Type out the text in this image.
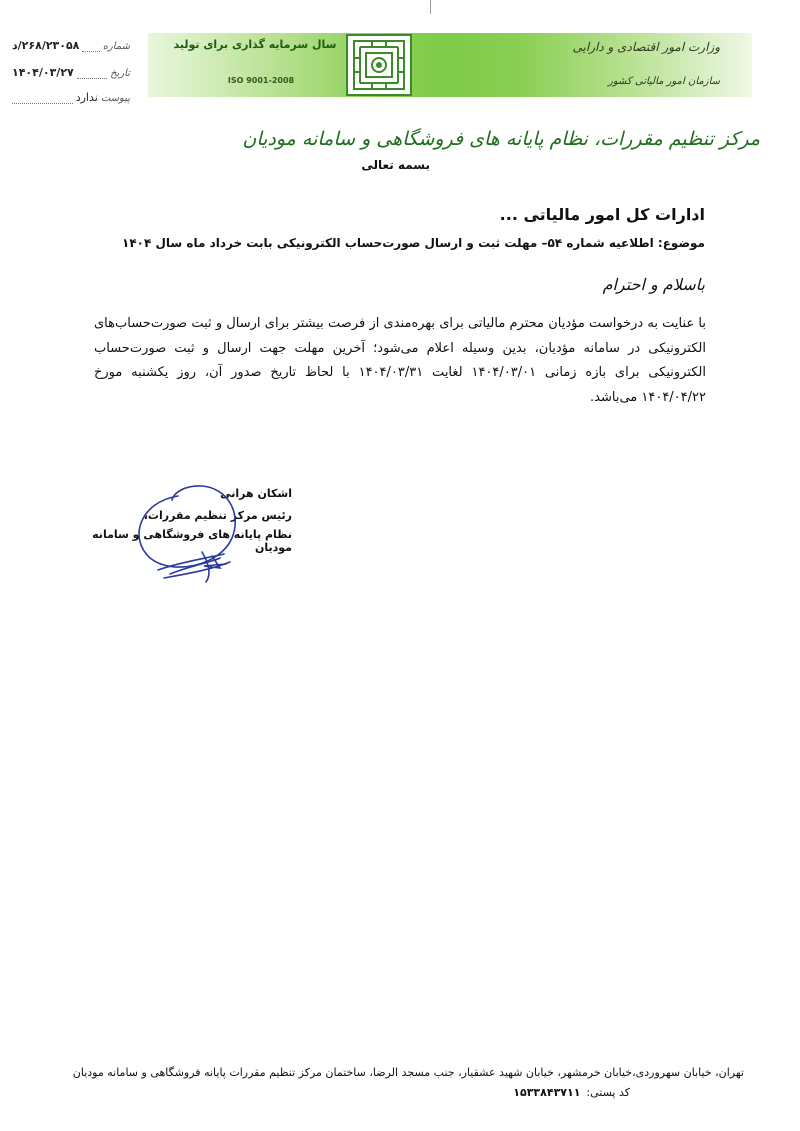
سال سرمایه گذاری برای تولید
ISO 9001-2008
وزارت امور اقتصادی و دارایی
سازمان امور مالیاتی کشور
شماره
۲۶۸/۲۳۰۵۸/د
تاریخ
۱۴۰۴/۰۳/۲۷
پیوست
ندارد
مرکز تنظیم مقررات، نظام پایانه های فروشگاهی و سامانه مودیان
بسمه تعالی
ادارات کل امور مالیاتی ...
موضوع: اطلاعیه شماره ۵۴– مهلت ثبت و ارسال صورت‌حساب الکترونیکی بابت خرداد ماه سال ۱۴۰۴
باسلام و احترام
با عنایت به درخواست مؤدیان محترم مالیاتی برای بهره‌مندی از فرصت بیشتر برای ارسال و ثبت صورت‌حساب‌های الکترونیکی در سامانه مؤدیان، بدین وسیله اعلام می‌شود؛ آخرین مهلت جهت ارسال و ثبت صورت‌حساب الکترونیکی برای بازه زمانی ۱۴۰۴/۰۳/۰۱ لغایت ۱۴۰۴/۰۳/۳۱ با لحاظ تاریخ صدور آن، روز یکشنبه مورخ ۱۴۰۴/۰۴/۲۲ می‌باشد.
اشکان هرانی
رئیس مرکز تنظیم مقررات،
نظام پایانه های فروشگاهی و سامانه مودیان
تهران، خیابان سهروردی،خیابان خرمشهر، خیابان شهید عشقیار، جنب مسجد الرضا، ساختمان مرکز تنظیم مقررات پایانه فروشگاهی و سامانه مودیان
کد پستی:
۱۵۳۳۸۴۳۷۱۱
